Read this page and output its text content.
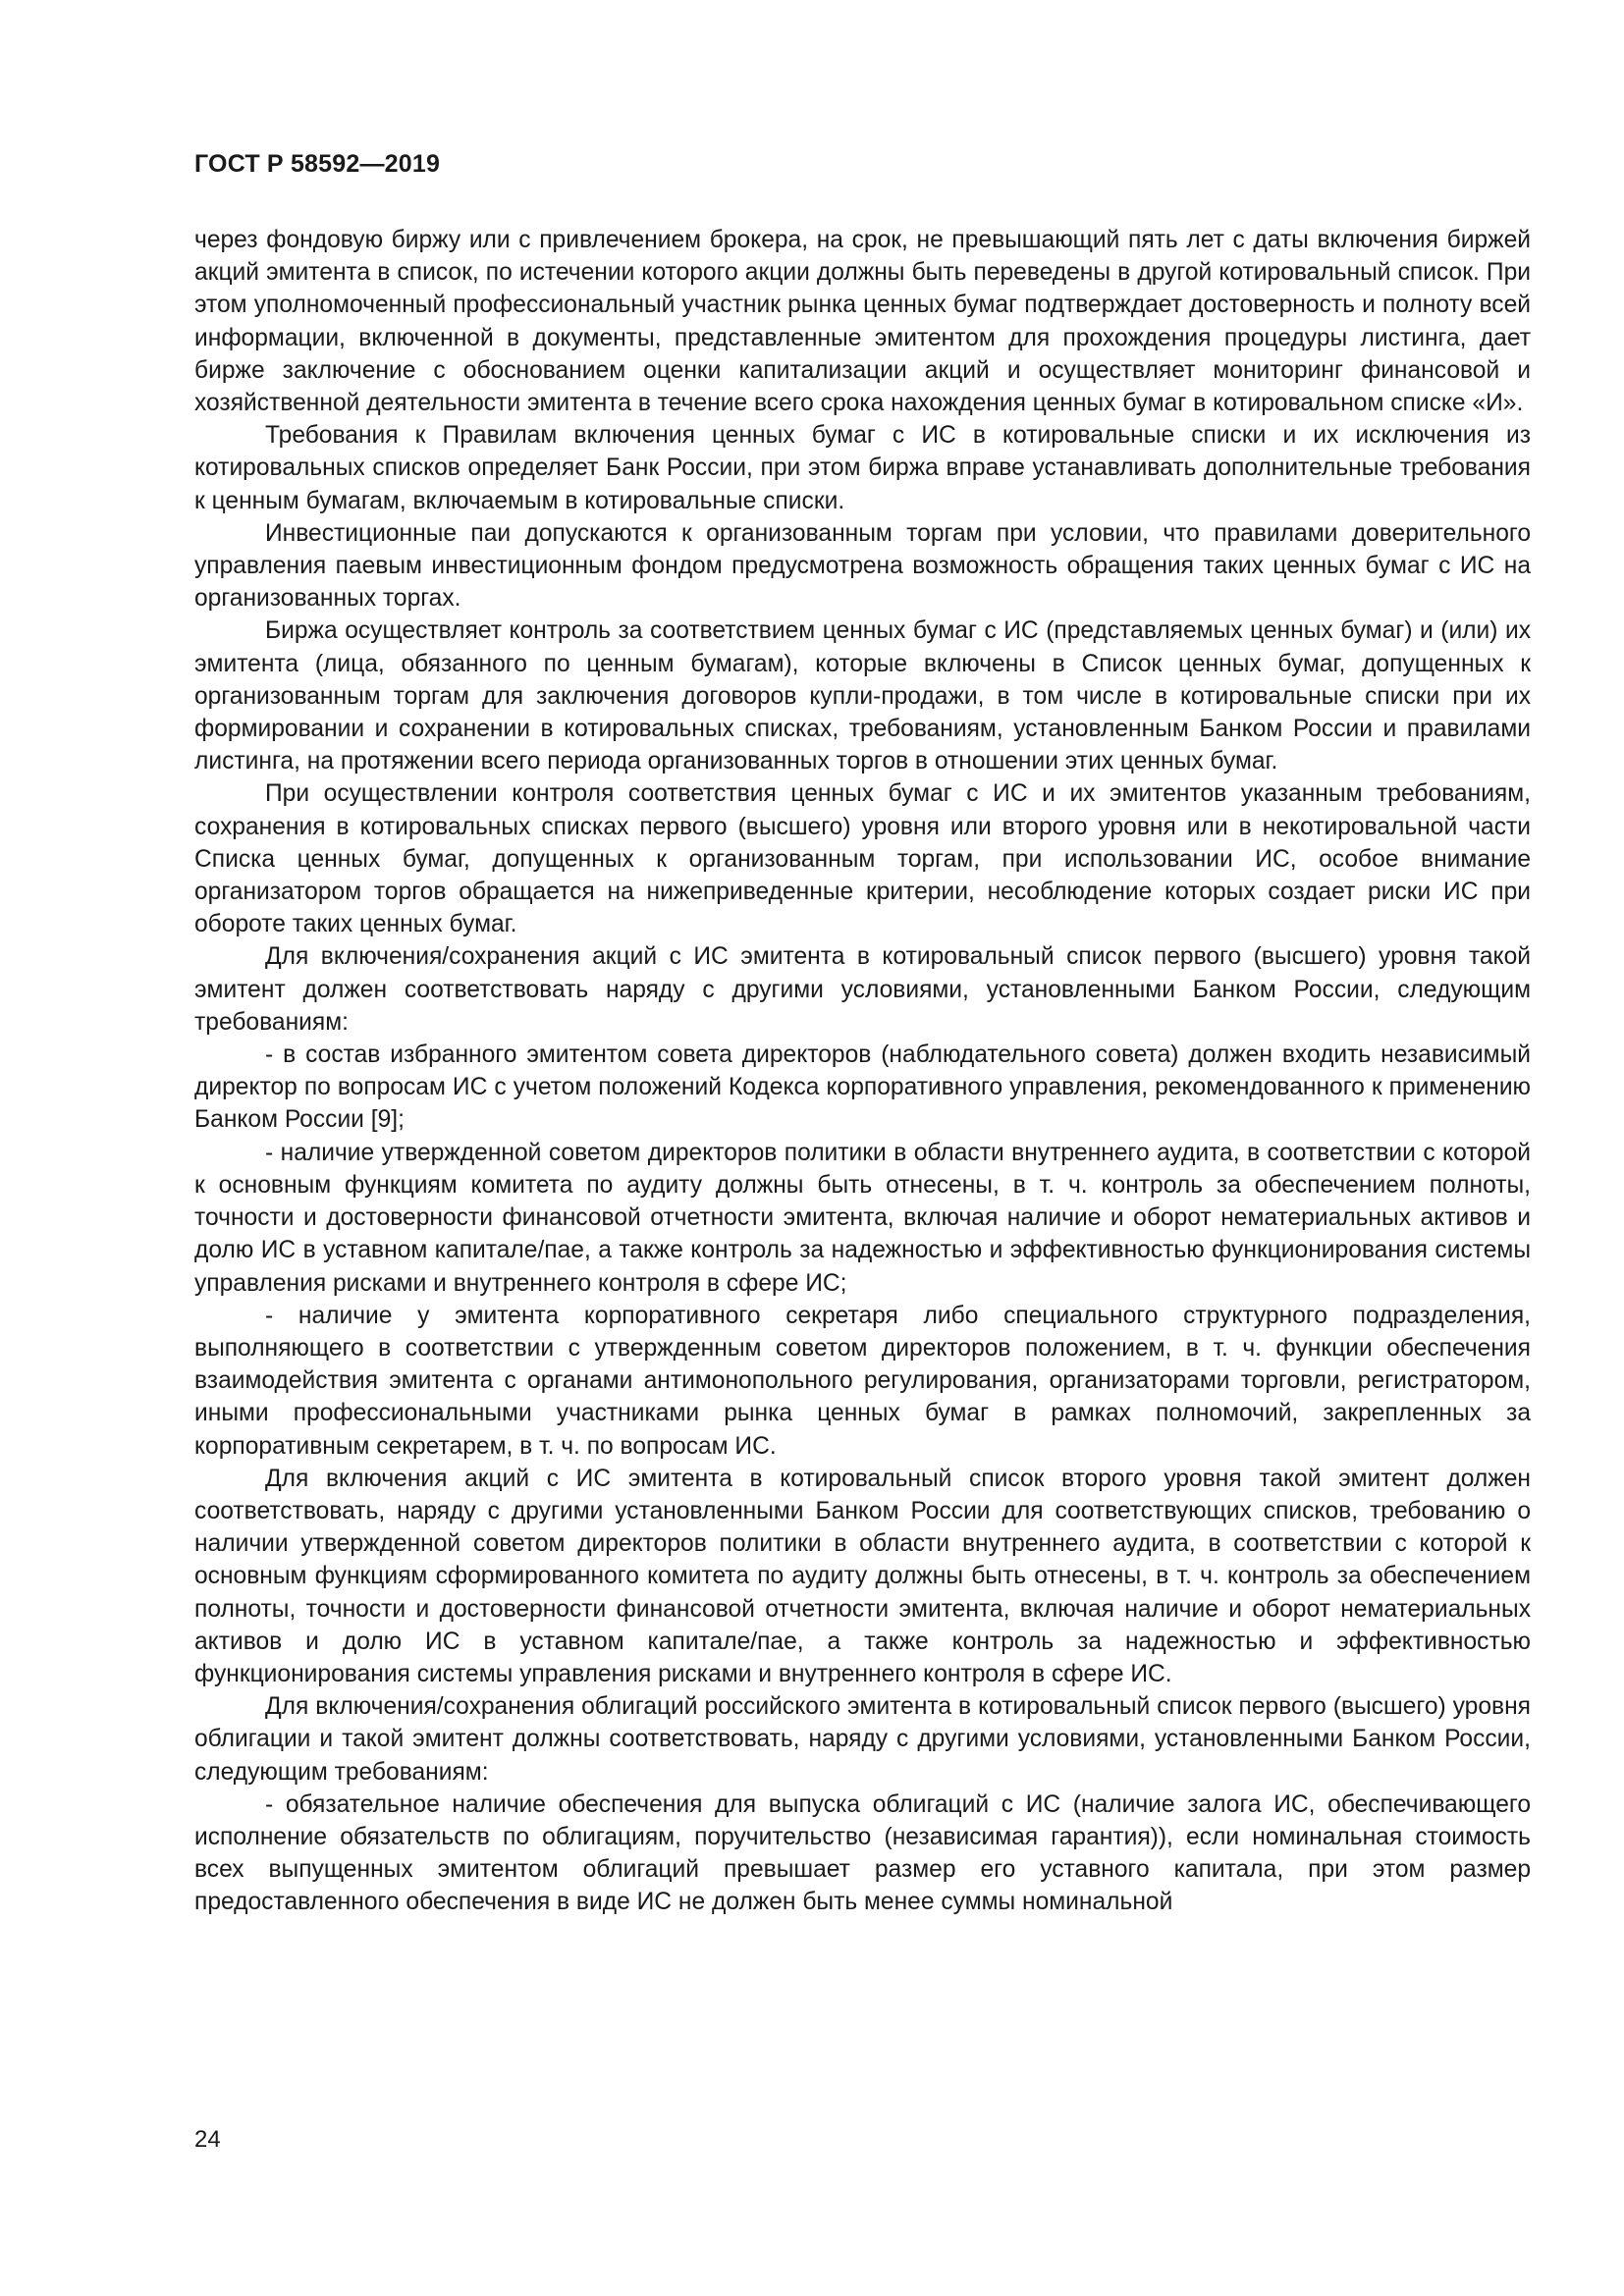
ГОСТ Р 58592—2019

через фондовую биржу или с привлечением брокера, на срок, не превышающий пять лет с даты включения биржей акций эмитента в список, по истечении которого акции должны быть переведены в другой котировальный список. При этом уполномоченный профессиональный участник рынка ценных бумаг подтверждает достоверность и полноту всей информации, включенной в документы, представленные эмитентом для прохождения процедуры листинга, дает бирже заключение с обоснованием оценки капитализации акций и осуществляет мониторинг финансовой и хозяйственной деятельности эмитента в течение всего срока нахождения ценных бумаг в котировальном списке «И».

Требования к Правилам включения ценных бумаг с ИС в котировальные списки и их исключения из котировальных списков определяет Банк России, при этом биржа вправе устанавливать дополнительные требования к ценным бумагам, включаемым в котировальные списки.

Инвестиционные паи допускаются к организованным торгам при условии, что правилами доверительного управления паевым инвестиционным фондом предусмотрена возможность обращения таких ценных бумаг с ИС на организованных торгах.

Биржа осуществляет контроль за соответствием ценных бумаг с ИС (представляемых ценных бумаг) и (или) их эмитента (лица, обязанного по ценным бумагам), которые включены в Список ценных бумаг, допущенных к организованным торгам для заключения договоров купли-продажи, в том числе в котировальные списки при их формировании и сохранении в котировальных списках, требованиям, установленным Банком России и правилами листинга, на протяжении всего периода организованных торгов в отношении этих ценных бумаг.

При осуществлении контроля соответствия ценных бумаг с ИС и их эмитентов указанным требованиям, сохранения в котировальных списках первого (высшего) уровня или второго уровня или в некотировальной части Списка ценных бумаг, допущенных к организованным торгам, при использовании ИС, особое внимание организатором торгов обращается на нижеприведенные критерии, несоблюдение которых создает риски ИС при обороте таких ценных бумаг.

Для включения/сохранения акций с ИС эмитента в котировальный список первого (высшего) уровня такой эмитент должен соответствовать наряду с другими условиями, установленными Банком России, следующим требованиям:

- в состав избранного эмитентом совета директоров (наблюдательного совета) должен входить независимый директор по вопросам ИС с учетом положений Кодекса корпоративного управления, рекомендованного к применению Банком России [9];

- наличие утвержденной советом директоров политики в области внутреннего аудита, в соответствии с которой к основным функциям комитета по аудиту должны быть отнесены, в т. ч. контроль за обеспечением полноты, точности и достоверности финансовой отчетности эмитента, включая наличие и оборот нематериальных активов и долю ИС в уставном капитале/пае, а также контроль за надежностью и эффективностью функционирования системы управления рисками и внутреннего контроля в сфере ИС;

- наличие у эмитента корпоративного секретаря либо специального структурного подразделения, выполняющего в соответствии с утвержденным советом директоров положением, в т. ч. функции обеспечения взаимодействия эмитента с органами антимонопольного регулирования, организаторами торговли, регистратором, иными профессиональными участниками рынка ценных бумаг в рамках полномочий, закрепленных за корпоративным секретарем, в т. ч. по вопросам ИС.

Для включения акций с ИС эмитента в котировальный список второго уровня такой эмитент должен соответствовать, наряду с другими установленными Банком России для соответствующих списков, требованию о наличии утвержденной советом директоров политики в области внутреннего аудита, в соответствии с которой к основным функциям сформированного комитета по аудиту должны быть отнесены, в т. ч. контроль за обеспечением полноты, точности и достоверности финансовой отчетности эмитента, включая наличие и оборот нематериальных активов и долю ИС в уставном капитале/пае, а также контроль за надежностью и эффективностью функционирования системы управления рисками и внутреннего контроля в сфере ИС.

Для включения/сохранения облигаций российского эмитента в котировальный список первого (высшего) уровня облигации и такой эмитент должны соответствовать, наряду с другими условиями, установленными Банком России, следующим требованиям:

- обязательное наличие обеспечения для выпуска облигаций с ИС (наличие залога ИС, обеспечивающего исполнение обязательств по облигациям, поручительство (независимая гарантия)), если номинальная стоимость всех выпущенных эмитентом облигаций превышает размер его уставного капитала, при этом размер предоставленного обеспечения в виде ИС не должен быть менее суммы номинальной

24
